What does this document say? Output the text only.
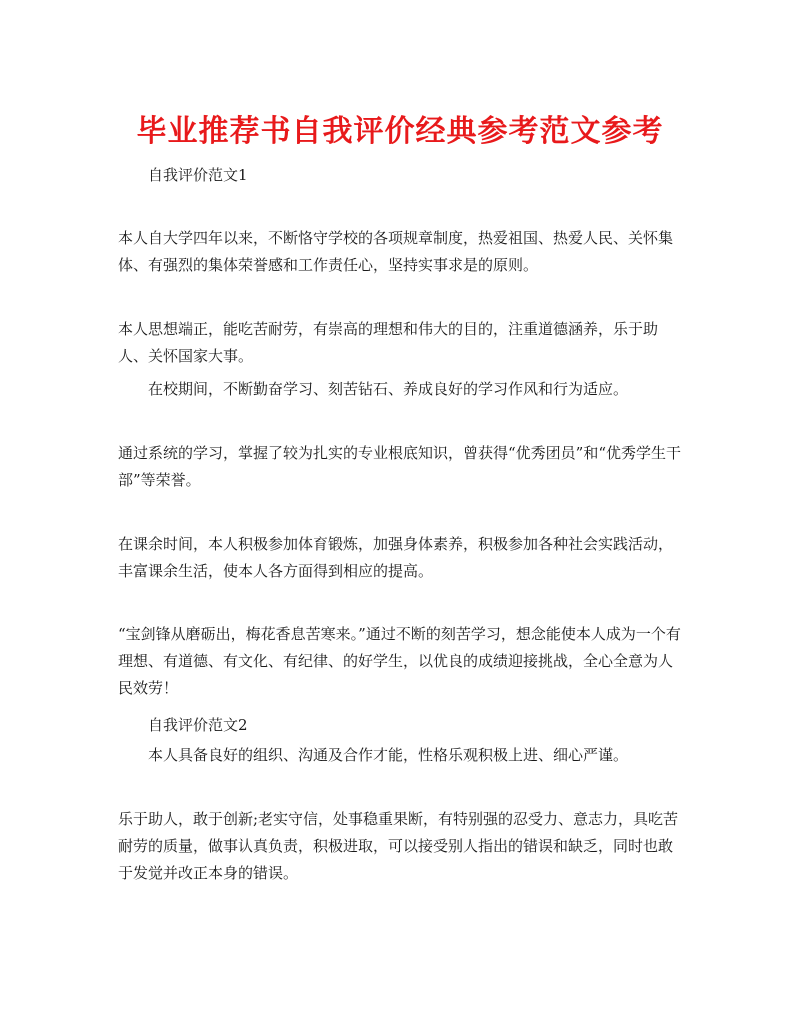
毕业推荐书自我评价经典参考范文参考

自我评价范文1

本人自大学四年以来，不断恪守学校的各项规章制度，热爱祖国、热爱人民、关怀集体、有强烈的集体荣誉感和工作责任心，坚持实事求是的原则。

本人思想端正，能吃苦耐劳，有崇高的理想和伟大的目的，注重道德涵养，乐于助人、关怀国家大事。

在校期间，不断勤奋学习、刻苦钻石、养成良好的学习作风和行为适应。

通过系统的学习，掌握了较为扎实的专业根底知识，曾获得“优秀团员”和“优秀学生干部”等荣誉。

在课余时间，本人积极参加体育锻炼，加强身体素养，积极参加各种社会实践活动，丰富课余生活，使本人各方面得到相应的提高。

“宝剑锋从磨砺出，梅花香息苦寒来。”通过不断的刻苦学习，想念能使本人成为一个有理想、有道德、有文化、有纪律、的好学生，以优良的成绩迎接挑战，全心全意为人民效劳！

自我评价范文2

本人具备良好的组织、沟通及合作才能，性格乐观积极上进、细心严谨。

乐于助人，敢于创新;老实守信，处事稳重果断，有特别强的忍受力、意志力，具吃苦耐劳的质量，做事认真负责，积极进取，可以接受别人指出的错误和缺乏，同时也敢于发觉并改正本身的错误。
